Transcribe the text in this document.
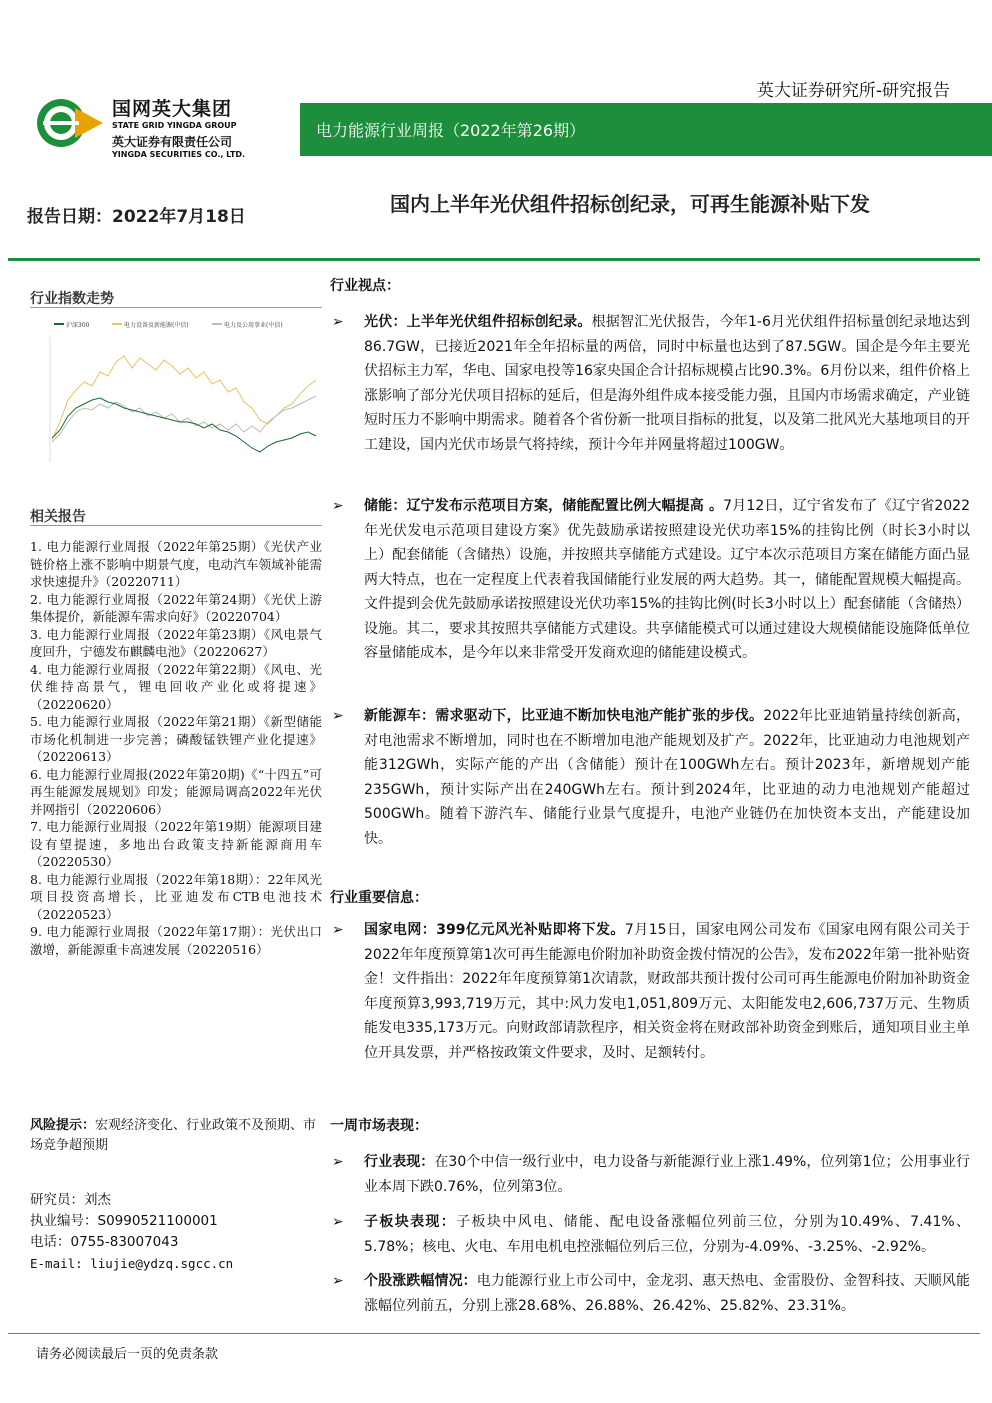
英大证券研究所-研究报告
国网英大集团
STATE GRID YINGDA GROUP
英大证券有限责任公司
YINGDA SECURITIES CO., LTD.
电力能源行业周报（2022年第26期）
报告日期：2022年7月18日
国内上半年光伏组件招标创纪录，可再生能源补贴下发
行业指数走势
沪深300	电力设备及新能源(中信)	电力及公用事业(中信)
相关报告
1. 电力能源行业周报（2022年第25期）《光伏产业链价格上涨不影响中期景气度，电动汽车领域补能需求快速提升》（20220711）
2. 电力能源行业周报（2022年第24期）《光伏上游集体提价，新能源车需求向好》（20220704）
3. 电力能源行业周报（2022年第23期）《风电景气度回升，宁德发布麒麟电池》（20220627）
4. 电力能源行业周报（2022年第22期）《风电、光伏维持高景气，锂电回收产业化或将提速》（20220620）
5. 电力能源行业周报（2022年第21期）《新型储能市场化机制进一步完善；磷酸锰铁锂产业化提速》（20220613）
6. 电力能源行业周报(2022年第20期)《“十四五”可再生能源发展规划》印发；能源局调高2022年光伏并网指引（20220606）
7. 电力能源行业周报（2022年第19期）能源项目建设有望提速，多地出台政策支持新能源商用车（20220530）
8. 电力能源行业周报（2022年第18期）：22年风光项目投资高增长，比亚迪发布CTB电池技术（20220523）
9. 电力能源行业周报（2022年第17期）：光伏出口激增，新能源重卡高速发展（20220516）
风险提示：宏观经济变化、行业政策不及预期、市场竞争超预期
研究员：刘杰
执业编号：S0990521100001
电话：0755-83007043
E-mail: liujie@ydzq.sgcc.cn
行业视点：
➢ 光伏：上半年光伏组件招标创纪录。根据智汇光伏报告，今年1-6月光伏组件招标量创纪录地达到86.7GW，已接近2021年全年招标量的两倍，同时中标量也达到了87.5GW。国企是今年主要光伏招标主力军，华电、国家电投等16家央国企合计招标规模占比90.3%。6月份以来，组件价格上涨影响了部分光伏项目招标的延后，但是海外组件成本接受能力强，且国内市场需求确定，产业链短时压力不影响中期需求。随着各个省份新一批项目指标的批复，以及第二批风光大基地项目的开工建设，国内光伏市场景气将持续，预计今年并网量将超过100GW。
➢ 储能：辽宁发布示范项目方案，储能配置比例大幅提高 。7月12日，辽宁省发布了《辽宁省2022年光伏发电示范项目建设方案》优先鼓励承诺按照建设光伏功率15%的挂钩比例（时长3小时以上）配套储能（含储热）设施，并按照共享储能方式建设。辽宁本次示范项目方案在储能方面凸显两大特点，也在一定程度上代表着我国储能行业发展的两大趋势。其一，储能配置规模大幅提高。文件提到会优先鼓励承诺按照建设光伏功率15%的挂钩比例(时长3小时以上）配套储能（含储热）设施。其二，要求其按照共享储能方式建设。共享储能模式可以通过建设大规模储能设施降低单位容量储能成本，是今年以来非常受开发商欢迎的储能建设模式。
➢ 新能源车：需求驱动下，比亚迪不断加快电池产能扩张的步伐。2022年比亚迪销量持续创新高，对电池需求不断增加，同时也在不断增加电池产能规划及扩产。2022年，比亚迪动力电池规划产能312GWh，实际产能的产出（含储能）预计在100GWh左右。预计2023年，新增规划产能235GWh，预计实际产出在240GWh左右。预计到2024年，比亚迪的动力电池规划产能超过500GWh。随着下游汽车、储能行业景气度提升，电池产业链仍在加快资本支出，产能建设加快。
行业重要信息：
➢ 国家电网：399亿元风光补贴即将下发。7月15日，国家电网公司发布《国家电网有限公司关于2022年年度预算第1次可再生能源电价附加补助资金拨付情况的公告》，发布2022年第一批补贴资金！文件指出：2022年年度预算第1次请款，财政部共预计拨付公司可再生能源电价附加补助资金年度预算3,993,719万元，其中:风力发电1,051,809万元、太阳能发电2,606,737万元、生物质能发电335,173万元。向财政部请款程序，相关资金将在财政部补助资金到账后，通知项目业主单位开具发票，并严格按政策文件要求，及时、足额转付。
一周市场表现：
➢ 行业表现：在30个中信一级行业中，电力设备与新能源行业上涨1.49%，位列第1位；公用事业行业本周下跌0.76%，位列第3位。
➢ 子板块表现：子板块中风电、储能、配电设备涨幅位列前三位，分别为10.49%、7.41%、5.78%；核电、火电、车用电机电控涨幅位列后三位，分别为-4.09%、-3.25%、-2.92%。
➢ 个股涨跌幅情况：电力能源行业上市公司中，金龙羽、惠天热电、金雷股份、金智科技、天顺风能涨幅位列前五，分别上涨28.68%、26.88%、26.42%、25.82%、23.31%。
请务必阅读最后一页的免责条款
